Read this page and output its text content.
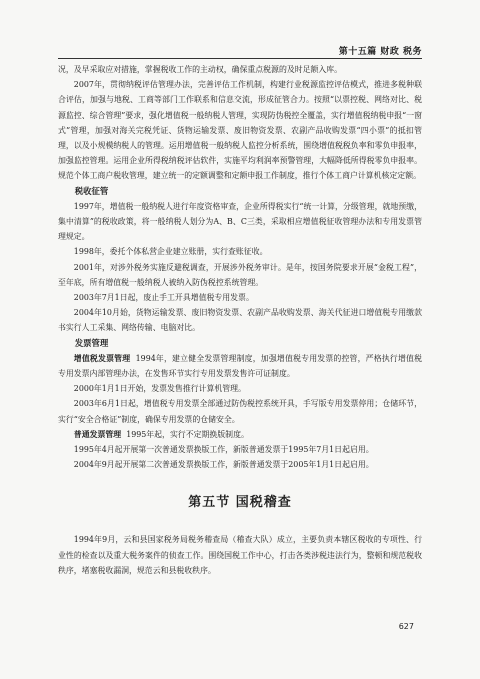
第十五篇 财政 税务

况，及早采取应对措施，掌握税收工作的主动权，确保重点税源的及时足额入库。

2007年，贯彻纳税评估管理办法，完善评估工作机制，构建行业税源监控评估模式，推进多税种联合评估，加强与地税、工商等部门工作联系和信息交流，形成征管合力。按照“以票控税、网络对比、税源监控、综合管理”要求，强化增值税一般纳税人管理，实现防伪税控全覆盖，实行增值税纳税申报“一窗式”管理，加强对海关完税凭证、货物运输发票、废旧物资发票、农副产品收购发票“四小票”的抵扣管理，以及小规模纳税人的管理。运用增值税一般纳税人监控分析系统，围绕增值税税负率和零负申报率，加强监控管理。运用企业所得税纳税评估软件，实施平均利润率预警管理，大幅降低所得税零负申报率。规范个体工商户税收管理，建立统一的定额调整和定额申报工作制度，推行个体工商户计算机核定定额。

税收征管

1997年，增值税一般纳税人进行年度资格审查，企业所得税实行“统一计算，分级管理，就地预缴，集中清算”的税收政策，将一般纳税人划分为A、B、C三类，采取相应增值税征收管理办法和专用发票管理规定。

1998年，委托个体私营企业建立账册，实行查账征收。

2001年，对涉外税务实施反避税调查，开展涉外税务审计。是年，按国务院要求开展“金税工程”，至年底，所有增值税一般纳税人被纳入防伪税控系统管理。

2003年7月1日起，废止手工开具增值税专用发票。

2004年10月始，货物运输发票、废旧物资发票、农副产品收购发票、海关代征进口增值税专用缴款书实行人工采集、网络传输、电脑对比。

发票管理

增值税发票管理 1994年，建立健全发票管理制度，加强增值税专用发票的控管，严格执行增值税专用发票内部管理办法，在发售环节实行专用发票发售许可证制度。

2000年1月1日开始，发票发售推行计算机管理。

2003年6月1日起，增值税专用发票全部通过防伪税控系统开具，手写版专用发票停用；仓储环节，实行“安全合格证”制度，确保专用发票的仓储安全。

普通发票管理 1995年起，实行不定期换版制度。

1995年4月起开展第一次普通发票换版工作，新版普通发票于1995年7月1日起启用。

2004年9月起开展第二次普通发票换版工作，新版普通发票于2005年1月1日起启用。

第五节 国税稽查

1994年9月，云和县国家税务局税务稽查局（稽查大队）成立，主要负责本辖区税收的专项性、行业性的检查以及重大税务案件的侦查工作。围绕国税工作中心，打击各类涉税违法行为，整顿和规范税收秩序，堵塞税收漏洞，规范云和县税收秩序。

627
